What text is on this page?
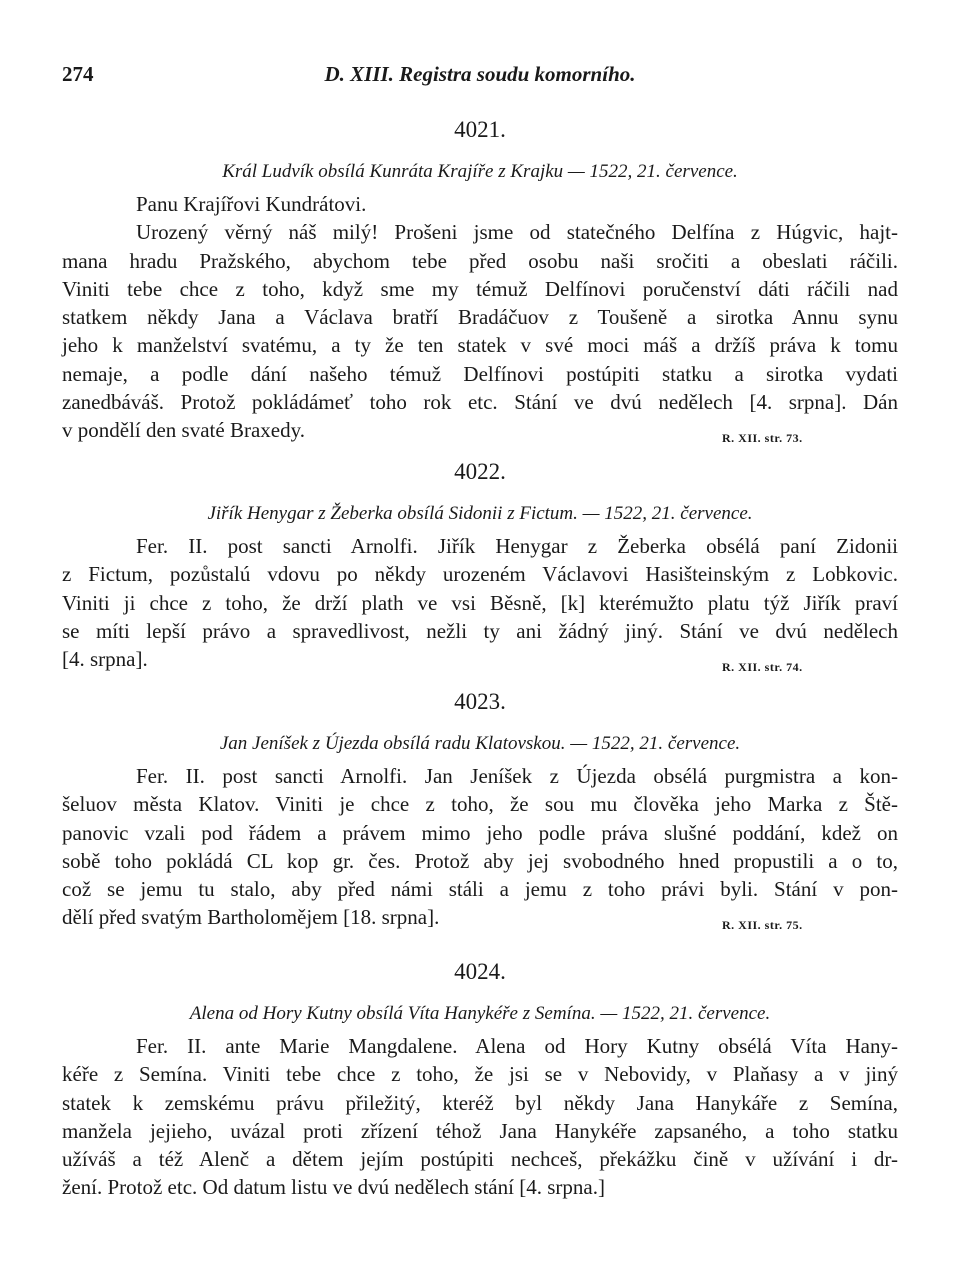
274	D. XIII. Registra soudu komorního.
4021.
Král Ludvík obsílá Kunráta Krajíře z Krajku — 1522, 21. července.
Panu Krajířovi Kundrátovi.
Urozený věrný náš milý! Prošeni jsme od statečného Delfína z Húgvic, hajt-
mana hradu Pražského, abychom tebe před osobu naši sročiti a obeslati ráčili.
Viniti tebe chce z toho, když sme my témuž Delfínovi poručenství dáti ráčili nad
statkem někdy Jana a Václava bratří Bradáčuov z Toušeně a sirotka Annu synu
jeho k manželství svatému, a ty že ten statek v své moci máš a držíš práva k tomu
nemaje, a podle dání našeho témuž Delfínovi postúpiti statku a sirotka vydati
zanedbáváš. Protož pokládámeť toho rok etc. Stání ve dvú nedělech [4. srpna]. Dán
v pondělí den svaté Braxedy.	R. XII. str. 73.
4022.
Jiřík Henygar z Žeberka obsílá Sidonii z Fictum. — 1522, 21. července.
Fer. II. post sancti Arnolfi. Jiřík Henygar z Žeberka obsélá paní Zidonii
z Fictum, pozůstalú vdovu po někdy urozeném Václavovi Hasišteinským z Lobkovic.
Viniti ji chce z toho, že drží plath ve vsi Běsně, [k] kterémužto platu týž Jiřík praví
se míti lepší právo a spravedlivost, nežli ty ani žádný jiný. Stání ve dvú nedělech
[4. srpna].	R. XII. str. 74.
4023.
Jan Jeníšek z Újezda obsílá radu Klatovskou. — 1522, 21. července.
Fer. II. post sancti Arnolfi. Jan Jeníšek z Újezda obsélá purgmistra a kon-
šeluov města Klatov. Viniti je chce z toho, že sou mu člověka jeho Marka z Ště-
panovic vzali pod řádem a právem mimo jeho podle práva slušné poddání, kdež on
sobě toho pokládá CL kop gr. čes. Protož aby jej svobodného hned propustili a o to,
což se jemu tu stalo, aby před námi stáli a jemu z toho právi byli. Stání v pon-
dělí před svatým Bartholomějem [18. srpna].	R. XII. str. 75.
4024.
Alena od Hory Kutny obsílá Víta Hanykéře z Semína. — 1522, 21. července.
Fer. II. ante Marie Mangdalene. Alena od Hory Kutny obsélá Víta Hany-
kéře z Semína. Viniti tebe chce z toho, že jsi se v Nebovidy, v Plaňasy a v jiný
statek k zemskému právu přiležitý, kteréž byl někdy Jana Hanykáře z Semína,
manžela jejieho, uvázal proti zřízení téhož Jana Hanykéře zapsaného, a toho statku
užíváš a též Alenč a dětem jejím postúpiti nechceš, překážku čině v užívání i dr-
žení. Protož etc. Od datum listu ve dvú nedělech stání [4. srpna.]
